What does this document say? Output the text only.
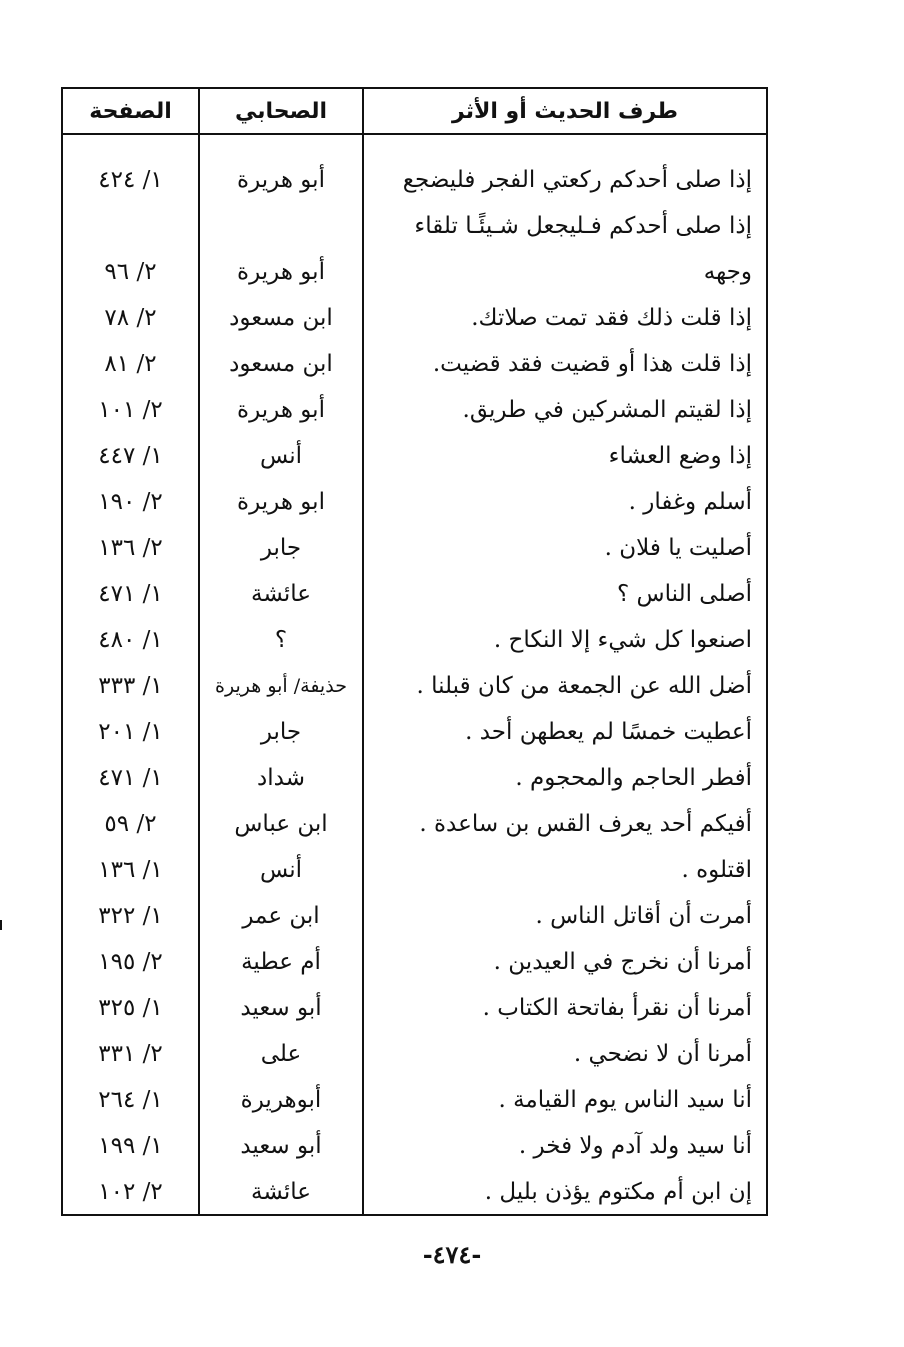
طرف الحديث أو الأثر
الصحابي
الصفحة
إذا صلى أحدكم ركعتي الفجر فليضجع
أبو هريرة
١/ ٤٢٤
إذا صلى أحدكم فـليجعل شـيئًـا تلقاء وجهه
أبو هريرة
٢/ ٩٦
إذا قلت ذلك فقد تمت صلاتك.
ابن مسعود
٢/ ٧٨
إذا قلت هذا أو قضيت فقد قضيت.
ابن مسعود
٢/ ٨١
إذا لقيتم المشركين في طريق.
أبو هريرة
٢/ ١٠١
إذا وضع العشاء
أنس
١/ ٤٤٧
أسلم وغفار .
ابو هريرة
٢/ ١٩٠
أصليت يا فلان .
جابر
٢/ ١٣٦
أصلى الناس ؟
عائشة
١/ ٤٧١
اصنعوا كل شيء إلا النكاح .
؟
١/ ٤٨٠
أضل الله عن الجمعة من كان قبلنا .
حذيفة/ أبو هريرة
١/ ٣٣٣
أعطيت خمسًا لم يعطهن أحد .
جابر
١/ ٢٠١
أفطر الحاجم والمحجوم .
شداد
١/ ٤٧١
أفيكم أحد يعرف القس بن ساعدة .
ابن عباس
٢/ ٥٩
اقتلوه .
أنس
١/ ١٣٦
أمرت أن أقاتل الناس .
ابن عمر
١/ ٣٢٢
أمرنا أن نخرج في العيدين .
أم عطية
٢/ ١٩٥
أمرنا أن نقرأ بفاتحة الكتاب .
أبو سعيد
١/ ٣٢٥
أمرنا أن لا نضحي .
على
٢/ ٣٣١
أنا سيد الناس يوم القيامة .
أبوهريرة
١/ ٢٦٤
أنا سيد ولد آدم ولا فخر .
أبو سعيد
١/ ١٩٩
إن ابن أم مكتوم يؤذن بليل .
عائشة
٢/ ١٠٢
-٤٧٤-
